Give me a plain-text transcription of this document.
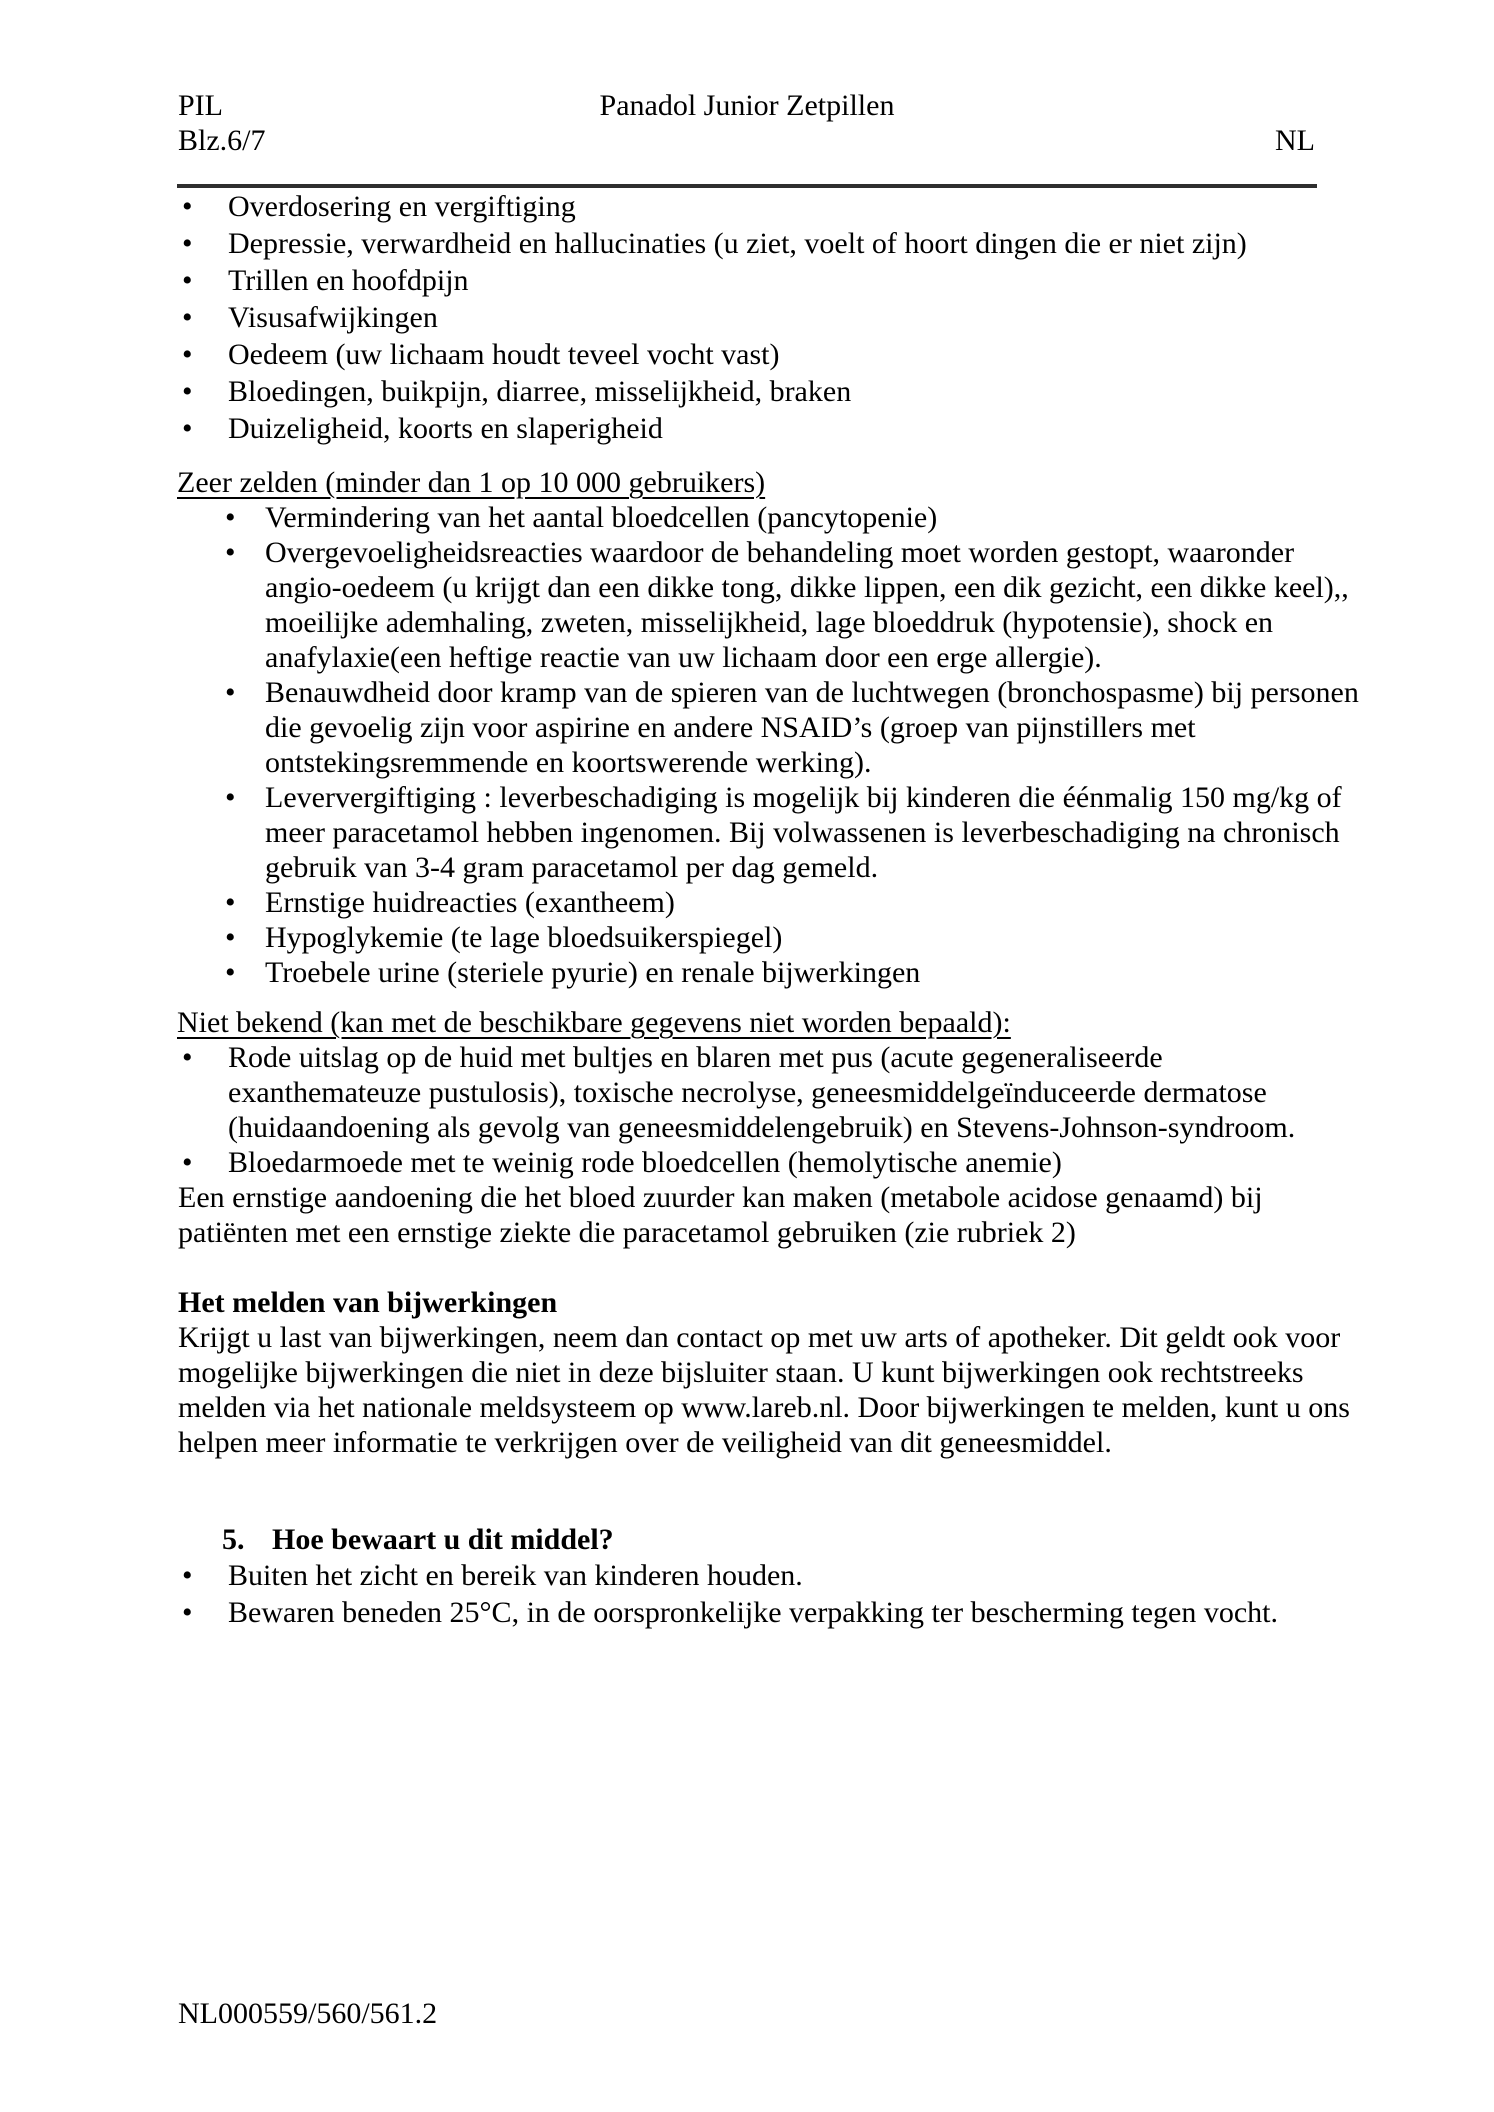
PIL	Panadol Junior Zetpillen
Blz.6/7	NL
•	Overdosering en vergiftiging
•	Depressie, verwardheid en hallucinaties (u ziet, voelt of hoort dingen die er niet zijn)
•	Trillen en hoofdpijn
•	Visusafwijkingen
•	Oedeem (uw lichaam houdt teveel vocht vast)
•	Bloedingen, buikpijn, diarree, misselijkheid, braken
•	Duizeligheid, koorts en slaperigheid
Zeer zelden (minder dan 1 op 10 000 gebruikers)
• Vermindering van het aantal bloedcellen (pancytopenie)
• Overgevoeligheidsreacties waardoor de behandeling moet worden gestopt, waaronder angio-oedeem (u krijgt dan een dikke tong, dikke lippen, een dik gezicht, een dikke keel),, moeilijke ademhaling, zweten, misselijkheid, lage bloeddruk (hypotensie), shock en anafylaxie(een heftige reactie van uw lichaam door een erge allergie).
• Benauwdheid door kramp van de spieren van de luchtwegen (bronchospasme) bij personen die gevoelig zijn voor aspirine en andere NSAID’s (groep van pijnstillers met ontstekingsremmende en koortswerende werking).
• Leververgiftiging : leverbeschadiging is mogelijk bij kinderen die éénmalig 150 mg/kg of meer paracetamol hebben ingenomen. Bij volwassenen is leverbeschadiging na chronisch gebruik van 3-4 gram paracetamol per dag gemeld.
• Ernstige huidreacties (exantheem)
• Hypoglykemie (te lage bloedsuikerspiegel)
• Troebele urine (steriele pyurie) en renale bijwerkingen
Niet bekend (kan met de beschikbare gegevens niet worden bepaald):
•	Rode uitslag op de huid met bultjes en blaren met pus (acute gegeneraliseerde exanthemateuze pustulosis), toxische necrolyse, geneesmiddelgeïnduceerde dermatose (huidaandoening als gevolg van geneesmiddelengebruik) en Stevens-Johnson-syndroom.
•	Bloedarmoede met te weinig rode bloedcellen (hemolytische anemie)

Een ernstige aandoening die het bloed zuurder kan maken (metabole acidose genaamd) bij patiënten met een ernstige ziekte die paracetamol gebruiken (zie rubriek 2)

Het melden van bijwerkingen

Krijgt u last van bijwerkingen, neem dan contact op met uw arts of apotheker. Dit geldt ook voor mogelijke bijwerkingen die niet in deze bijsluiter staan. U kunt bijwerkingen ook rechtstreeks melden via het nationale meldsysteem op www.lareb.nl. Door bijwerkingen te melden, kunt u ons helpen meer informatie te verkrijgen over de veiligheid van dit geneesmiddel.

5. Hoe bewaart u dit middel?
•	Buiten het zicht en bereik van kinderen houden.
•	Bewaren beneden 25°C, in de oorspronkelijke verpakking ter bescherming tegen vocht.
NL000559/560/561.2
